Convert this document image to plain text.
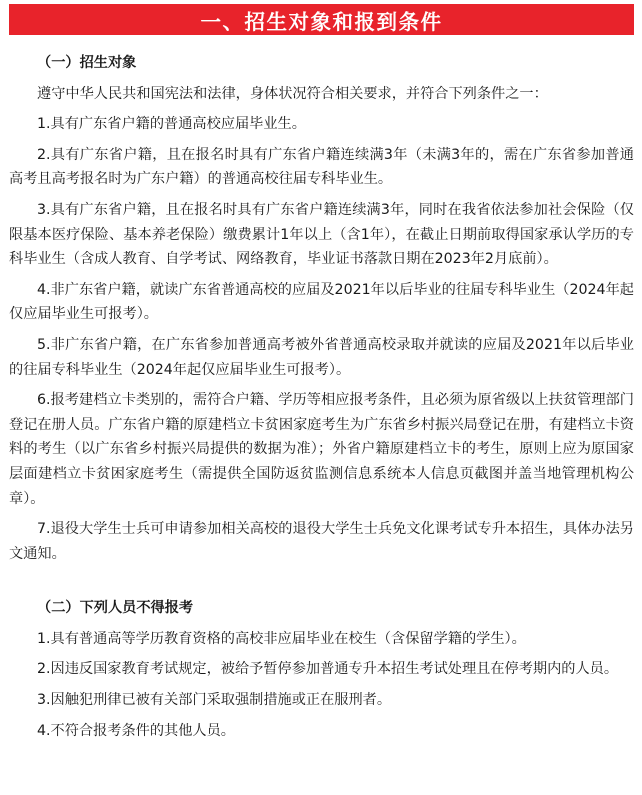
一、招生对象和报到条件

（一）招生对象

遵守中华人民共和国宪法和法律，身体状况符合相关要求，并符合下列条件之一：

1.具有广东省户籍的普通高校应届毕业生。

2.具有广东省户籍，且在报名时具有广东省户籍连续满3年（未满3年的，需在广东省参加普通高考且高考报名时为广东户籍）的普通高校往届专科毕业生。

3.具有广东省户籍，且在报名时具有广东省户籍连续满3年，同时在我省依法参加社会保险（仅限基本医疗保险、基本养老保险）缴费累计1年以上（含1年），在截止日期前取得国家承认学历的专科毕业生（含成人教育、自学考试、网络教育，毕业证书落款日期在2023年2月底前）。

4.非广东省户籍，就读广东省普通高校的应届及2021年以后毕业的往届专科毕业生（2024年起仅应届毕业生可报考）。

5.非广东省户籍，在广东省参加普通高考被外省普通高校录取并就读的应届及2021年以后毕业的往届专科毕业生（2024年起仅应届毕业生可报考）。

6.报考建档立卡类别的，需符合户籍、学历等相应报考条件，且必须为原省级以上扶贫管理部门登记在册人员。广东省户籍的原建档立卡贫困家庭考生为广东省乡村振兴局登记在册，有建档立卡资料的考生（以广东省乡村振兴局提供的数据为准）；外省户籍原建档立卡的考生，原则上应为原国家层面建档立卡贫困家庭考生（需提供全国防返贫监测信息系统本人信息页截图并盖当地管理机构公章）。

7.退役大学生士兵可申请参加相关高校的退役大学生士兵免文化课考试专升本招生，具体办法另文通知。

（二）下列人员不得报考

1.具有普通高等学历教育资格的高校非应届毕业在校生（含保留学籍的学生）。

2.因违反国家教育考试规定，被给予暂停参加普通专升本招生考试处理且在停考期内的人员。

3.因触犯刑律已被有关部门采取强制措施或正在服刑者。

4.不符合报考条件的其他人员。
